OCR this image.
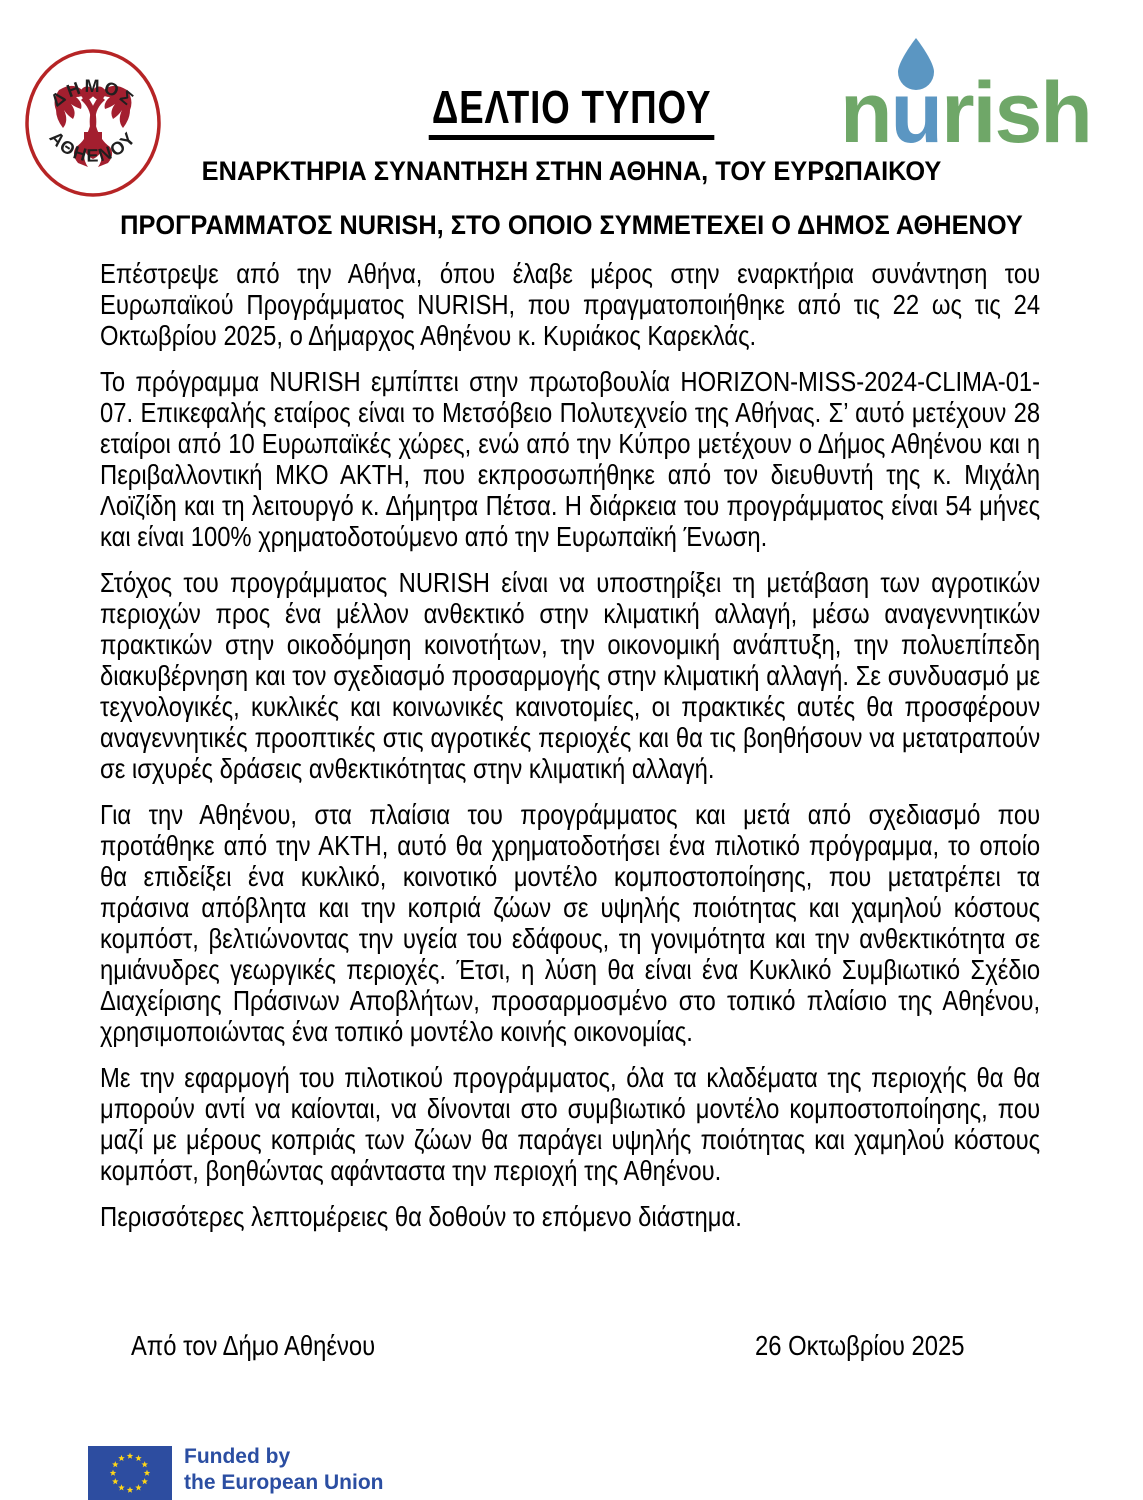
ΔΗΜΟΣ
ΑΘΗΕΝΟΥ
ΔΕΛΤΙΟ ΤΥΠΟΥ	nurish
ΕΝΑΡΚΤΗΡΙΑ ΣΥΝΑΝΤΗΣΗ ΣΤΗΝ ΑΘΗΝΑ, ΤΟΥ ΕΥΡΩΠΑΙΚΟΥ
ΠΡΟΓΡΑΜΜΑΤΟΣ NURISH, ΣΤΟ ΟΠΟΙΟ ΣΥΜΜΕΤΕΧΕΙ Ο ΔΗΜΟΣ ΑΘΗΕΝΟΥ

Επέστρεψε από την Αθήνα, όπου έλαβε μέρος στην εναρκτήρια συνάντηση του Ευρωπαϊκού Προγράμματος NURISH, που πραγματοποιήθηκε από τις 22 ως τις 24 Οκτωβρίου 2025, ο Δήμαρχος Αθηένου κ. Κυριάκος Καρεκλάς.

Το πρόγραμμα NURISH εμπίπτει στην πρωτοβουλία HORIZON-MISS-2024-CLIMA-01-07. Επικεφαλής εταίρος είναι το Μετσόβειο Πολυτεχνείο της Αθήνας. Σ’ αυτό μετέχουν 28 εταίροι από 10 Ευρωπαϊκές χώρες, ενώ από την Κύπρο μετέχουν ο Δήμος Αθηένου και η Περιβαλλοντική ΜΚΟ ΑΚΤΗ, που εκπροσωπήθηκε από τον διευθυντή της κ. Μιχάλη Λοϊζίδη και τη λειτουργό κ. Δήμητρα Πέτσα. Η διάρκεια του προγράμματος είναι 54 μήνες και είναι 100% χρηματοδοτούμενο από την Ευρωπαϊκή Ένωση.

Στόχος του προγράμματος NURISH είναι να υποστηρίξει τη μετάβαση των αγροτικών περιοχών προς ένα μέλλον ανθεκτικό στην κλιματική αλλαγή, μέσω αναγεννητικών πρακτικών στην οικοδόμηση κοινοτήτων, την οικονομική ανάπτυξη, την πολυεπίπεδη διακυβέρνηση και τον σχεδιασμό προσαρμογής στην κλιματική αλλαγή. Σε συνδυασμό με τεχνολογικές, κυκλικές και κοινωνικές καινοτομίες, οι πρακτικές αυτές θα προσφέρουν αναγεννητικές προοπτικές στις αγροτικές περιοχές και θα τις βοηθήσουν να μετατραπούν σε ισχυρές δράσεις ανθεκτικότητας στην κλιματική αλλαγή.

Για την Αθηένου, στα πλαίσια του προγράμματος και μετά από σχεδιασμό που προτάθηκε από την ΑΚΤΗ, αυτό θα χρηματοδοτήσει ένα πιλοτικό πρόγραμμα, το οποίο θα επιδείξει ένα κυκλικό, κοινοτικό μοντέλο κομποστοποίησης, που μετατρέπει τα πράσινα απόβλητα και την κοπριά ζώων σε υψηλής ποιότητας και χαμηλού κόστους κομπόστ, βελτιώνοντας την υγεία του εδάφους, τη γονιμότητα και την ανθεκτικότητα σε ημιάνυδρες γεωργικές περιοχές. Έτσι, η λύση θα είναι ένα Κυκλικό Συμβιωτικό Σχέδιο Διαχείρισης Πράσινων Αποβλήτων, προσαρμοσμένο στο τοπικό πλαίσιο της Αθηένου, χρησιμοποιώντας ένα τοπικό μοντέλο κοινής οικονομίας.

Με την εφαρμογή του πιλοτικού προγράμματος, όλα τα κλαδέματα της περιοχής θα θα μπορούν αντί να καίονται, να δίνονται στο συμβιωτικό μοντέλο κομποστοποίησης, που μαζί με μέρους κοπριάς των ζώων θα παράγει υψηλής ποιότητας και χαμηλού κόστους κομπόστ, βοηθώντας αφάνταστα την περιοχή της Αθηένου.

Περισσότερες λεπτομέρειες θα δοθούν το επόμενο διάστημα.

Από τον Δήμο Αθηένου	26 Οκτωβρίου 2025
Funded by
the European Union
